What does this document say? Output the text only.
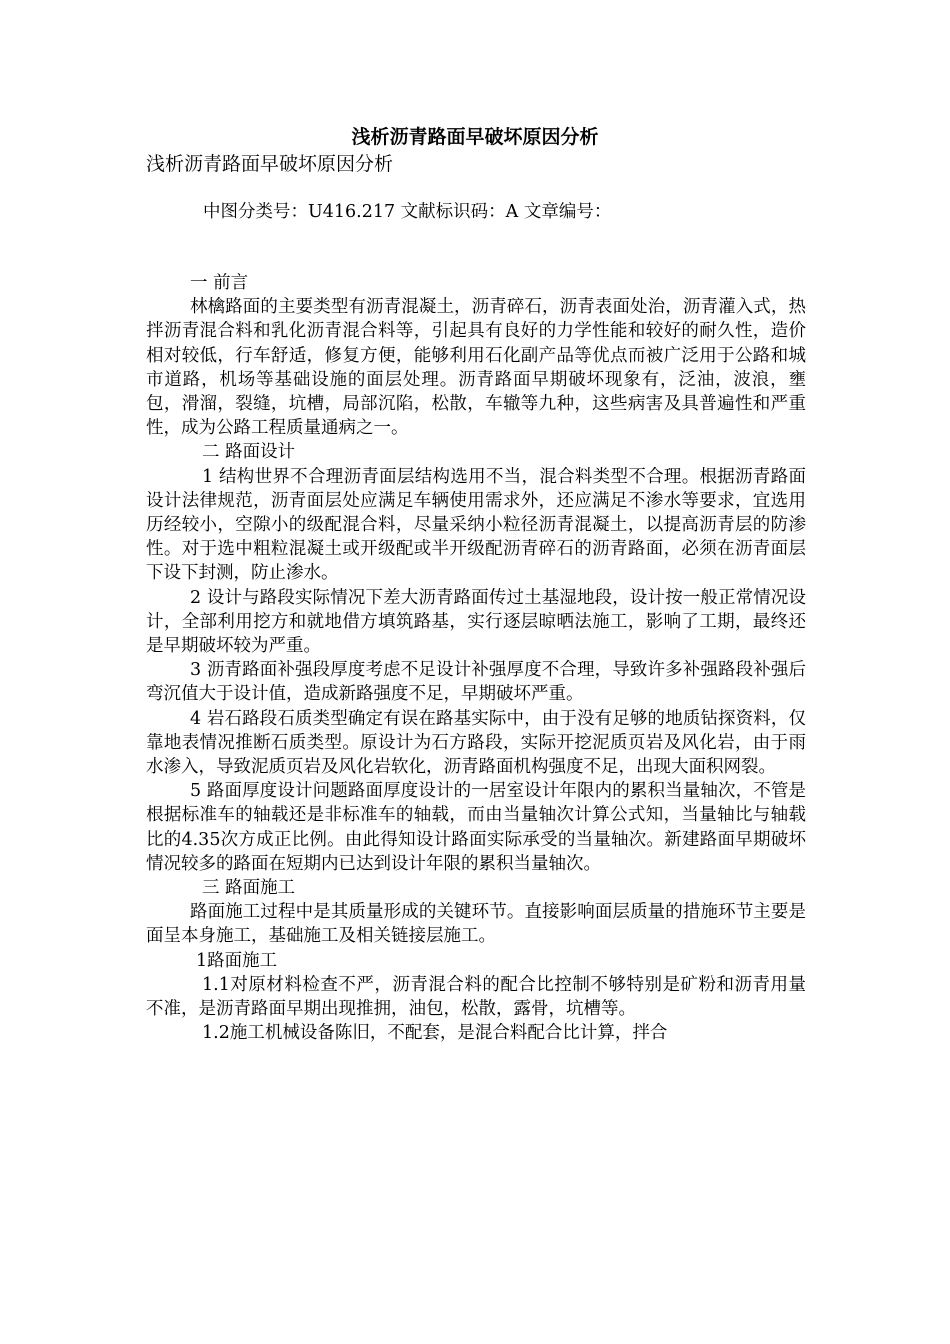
浅析沥青路面早破坏原因分析
浅析沥青路面早破坏原因分析
中图分类号：U416.217 文献标识码：A 文章编号：

一 前言

林檎路面的主要类型有沥青混凝土，沥青碎石，沥青表面处治，沥青灌入式，热拌沥青混合料和乳化沥青混合料等，引起具有良好的力学性能和较好的耐久性，造价相对较低，行车舒适，修复方便，能够利用石化副产品等优点而被广泛用于公路和城市道路，机场等基础设施的面层处理。沥青路面早期破坏现象有，泛油，波浪，壅包，滑溜，裂缝，坑槽，局部沉陷，松散，车辙等九种，这些病害及具普遍性和严重性，成为公路工程质量通病之一。

二 路面设计

1 结构世界不合理沥青面层结构选用不当，混合料类型不合理。根据沥青路面设计法律规范，沥青面层处应满足车辆使用需求外，还应满足不渗水等要求，宜选用历经较小，空隙小的级配混合料，尽量采纳小粒径沥青混凝土，以提高沥青层的防渗性。对于选中粗粒混凝土或开级配或半开级配沥青碎石的沥青路面，必须在沥青面层下设下封测，防止渗水。

2 设计与路段实际情况下差大沥青路面传过土基湿地段，设计按一般正常情况设计，全部利用挖方和就地借方填筑路基，实行逐层晾晒法施工，影响了工期，最终还是早期破坏较为严重。

3 沥青路面补强段厚度考虑不足设计补强厚度不合理，导致许多补强路段补强后弯沉值大于设计值，造成新路强度不足，早期破坏严重。

4 岩石路段石质类型确定有误在路基实际中，由于没有足够的地质钻探资料，仅靠地表情况推断石质类型。原设计为石方路段，实际开挖泥质页岩及风化岩，由于雨水渗入，导致泥质页岩及风化岩软化，沥青路面机构强度不足，出现大面积网裂。

5 路面厚度设计问题路面厚度设计的一居室设计年限内的累积当量轴次，不管是根据标准车的轴载还是非标准车的轴载，而由当量轴次计算公式知，当量轴比与轴载比的4.35次方成正比例。由此得知设计路面实际承受的当量轴次。新建路面早期破坏情况较多的路面在短期内已达到设计年限的累积当量轴次。

三 路面施工

路面施工过程中是其质量形成的关键环节。直接影响面层质量的措施环节主要是面呈本身施工，基础施工及相关链接层施工。

1路面施工

1.1对原材料检查不严，沥青混合料的配合比控制不够特别是矿粉和沥青用量不准，是沥青路面早期出现推拥，油包，松散，露骨，坑槽等。

1.2施工机械设备陈旧，不配套，是混合料配合比计算，拌合
